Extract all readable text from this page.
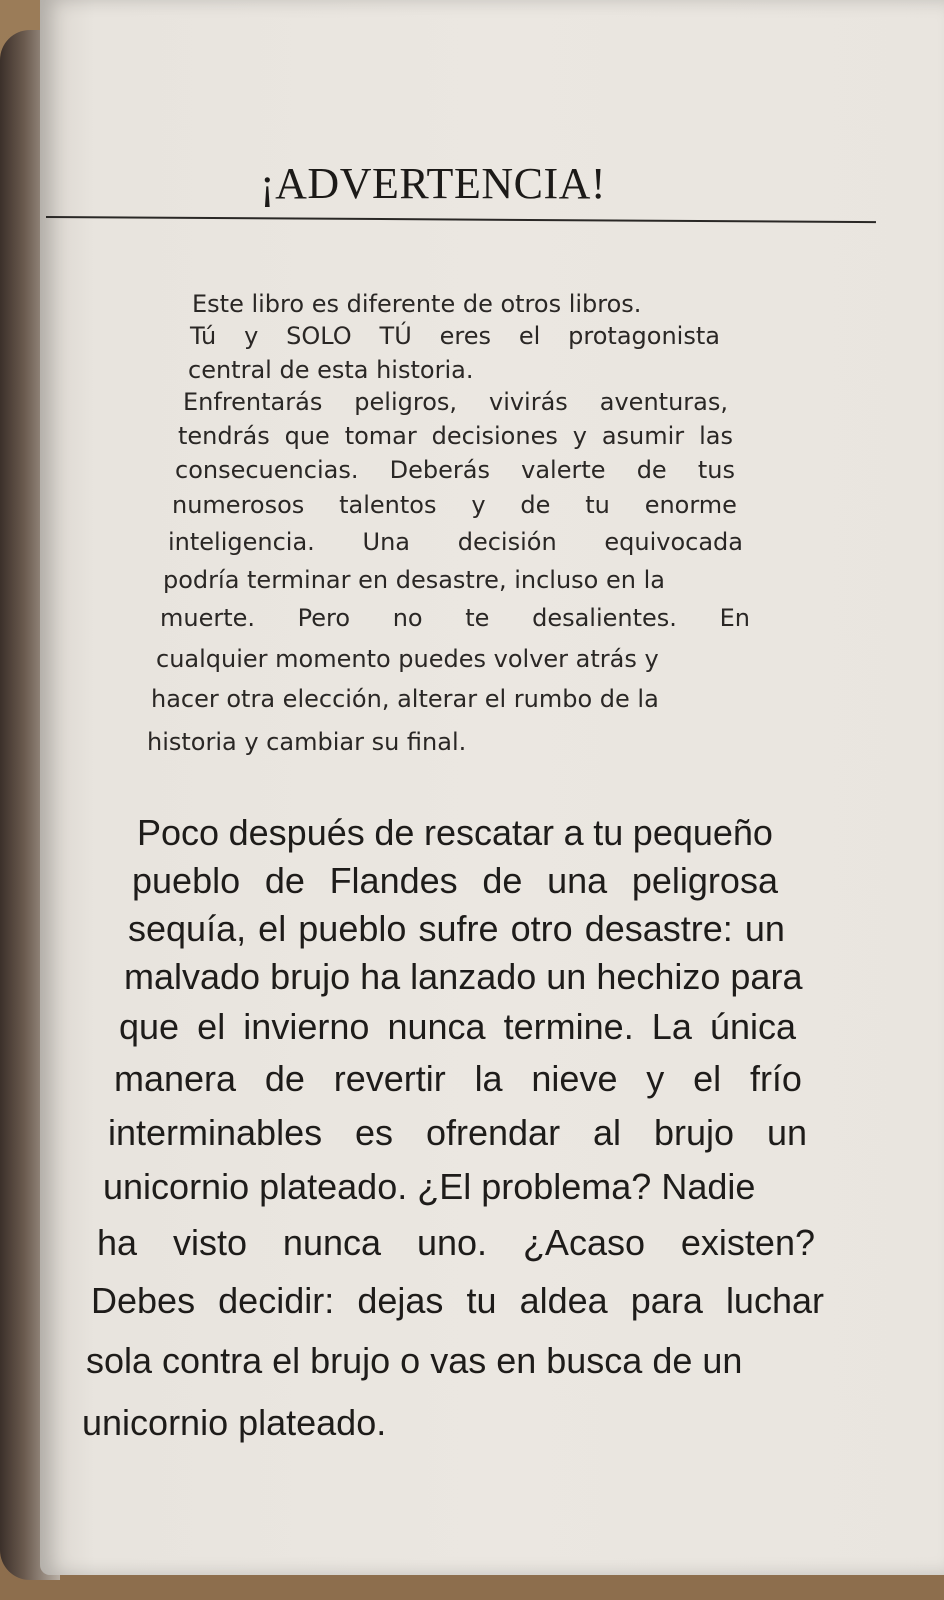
¡ADVERTENCIA!
Este libro es diferente de otros libros.
Tú y SOLO TÚ eres el protagonista
central de esta historia.
Enfrentarás peligros, vivirás aventuras,
tendrás que tomar decisiones y asumir las
consecuencias. Deberás valerte de tus
numerosos talentos y de tu enorme
inteligencia. Una decisión equivocada
podría terminar en desastre, incluso en la
muerte. Pero no te desalientes. En
cualquier momento puedes volver atrás y
hacer otra elección, alterar el rumbo de la
historia y cambiar su final.
Poco después de rescatar a tu pequeño
pueblo de Flandes de una peligrosa
sequía, el pueblo sufre otro desastre: un
malvado brujo ha lanzado un hechizo para
que el invierno nunca termine. La única
manera de revertir la nieve y el frío
interminables es ofrendar al brujo un
unicornio plateado. ¿El problema? Nadie
ha visto nunca uno. ¿Acaso existen?
Debes decidir: dejas tu aldea para luchar
sola contra el brujo o vas en busca de un
unicornio plateado.
